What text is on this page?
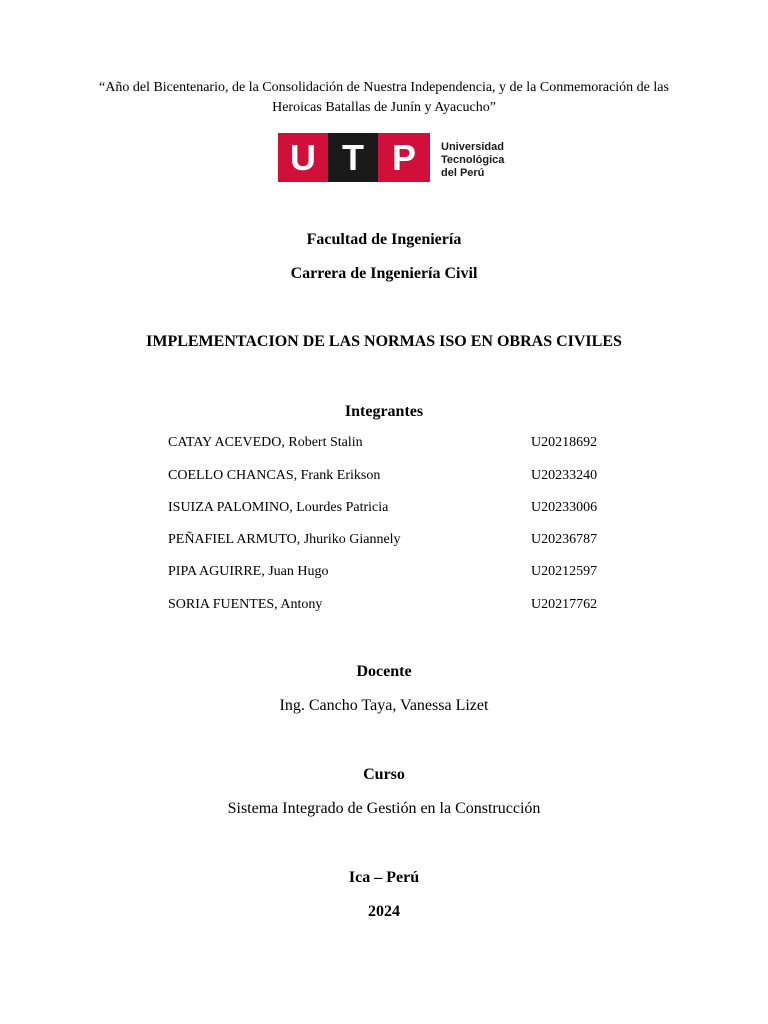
“Año del Bicentenario, de la Consolidación de Nuestra Independencia, y de la Conmemoración de las Heroicas Batallas de Junín y Ayacucho”
U T P Universidad
Tecnológica
del Perú
Facultad de Ingeniería
Carrera de Ingeniería Civil
IMPLEMENTACION DE LAS NORMAS ISO EN OBRAS CIVILES
Integrantes
CATAY ACEVEDO, Robert Stalin	U20218692
COELLO CHANCAS, Frank Erikson	U20233240
ISUIZA PALOMINO, Lourdes Patricia	U20233006
PEÑAFIEL ARMUTO, Jhuriko Giannely	U20236787
PIPA AGUIRRE, Juan Hugo	U20212597
SORIA FUENTES, Antony	U20217762
Docente
Ing. Cancho Taya, Vanessa Lizet
Curso
Sistema Integrado de Gestión en la Construcción
Ica – Perú
2024
